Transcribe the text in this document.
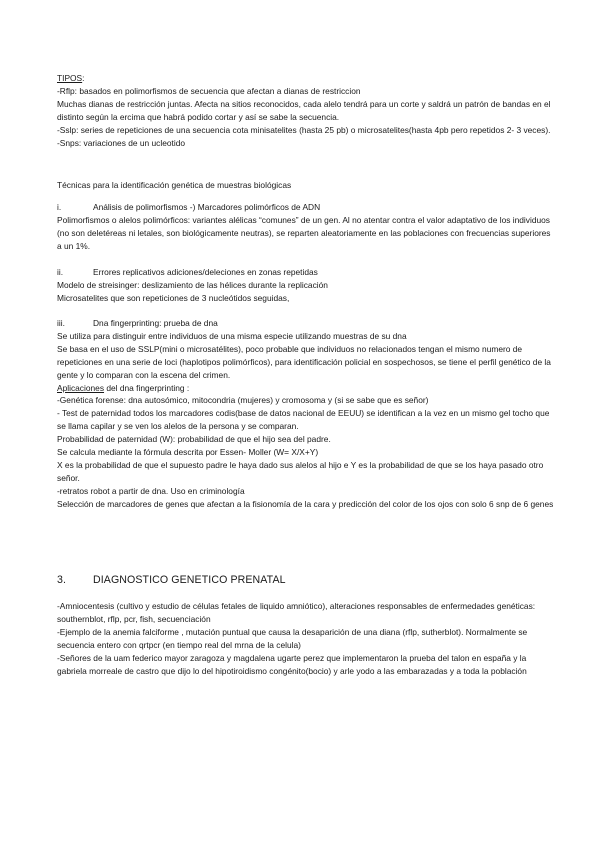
TIPOS:

-Rflp: basados en polimorfismos de secuencia que afectan a dianas de restriccion

Muchas dianas de restricción juntas. Afecta na sitios reconocidos, cada alelo tendrá para un corte y saldrá un patrón de bandas en el distinto según la ercima que habrá podido cortar y así se sabe la secuencia.

-Sslp: series de repeticiones de una secuencia cota minisatelites (hasta 25 pb) o microsatelites(hasta 4pb pero repetidos 2- 3 veces).

-Snps: variaciones de un ucleotido

Técnicas para la identificación genética de muestras biológicas

i.	Análisis de polimorfismos -) Marcadores polimórficos de ADN

Polimorfismos o alelos polimórficos: variantes alélicas “comunes” de un gen. Al no atentar contra el valor adaptativo de los individuos (no son deletéreas ni letales, son biológicamente neutras), se reparten aleatoriamente en las poblaciones con frecuencias superiores a un 1%.

ii.	Errores replicativos adiciones/deleciones en zonas repetidas

Modelo de streisinger: deslizamiento de las hélices durante la replicación

Microsatelites que son repeticiones de 3 nucleótidos seguidas,

iii.	Dna fingerprinting: prueba de dna

Se utiliza para distinguir entre individuos de una misma especie utilizando muestras de su dna

Se basa en el uso de SSLP(mini o microsatélites), poco probable que individuos no relacionados tengan el mismo numero de repeticiones en una serie de loci (haplotipos polimórficos), para identificación policial en sospechosos, se tiene el perfil genético de la gente y lo comparan con la escena del crimen.

Aplicaciones del dna fingerprinting :

-Genética forense: dna autosómico, mitocondria (mujeres) y cromosoma y (si se sabe que es señor)

- Test de paternidad todos los marcadores codis(base de datos nacional de EEUU) se identifican a la vez en un mismo gel tocho que se llama capilar y se ven los alelos de la persona y se comparan.

Probabilidad de paternidad (W): probabilidad de que el hijo sea del padre.

Se calcula mediante la fórmula descrita por Essen- Moller (W= X/X+Y)

X es la probabilidad de que el supuesto padre le haya dado sus alelos al hijo e Y es la probabilidad de que se los haya pasado otro señor.

-retratos robot a partir de dna. Uso en criminología

Selección de marcadores de genes que afectan a la fisionomía de la cara y predicción del color de los ojos con solo 6 snp de 6 genes

3.	DIAGNOSTICO GENETICO PRENATAL

-Amniocentesis (cultivo y estudio de células fetales de liquido amniótico), alteraciones responsables de enfermedades genéticas: southernblot, rflp, pcr, fish, secuenciación

-Ejemplo de la anemia falciforme , mutación puntual que causa la desaparición de una diana (rflp, sutherblot). Normalmente se secuencia entero con qrtpcr (en tiempo real del mrna de la celula)

-Señores de la uam federico mayor zaragoza y magdalena ugarte perez que implementaron la prueba del talon en españa y la gabriela morreale de castro que dijo lo del hipotiroidismo congénito(bocio) y arle yodo a las embarazadas y a toda la población
